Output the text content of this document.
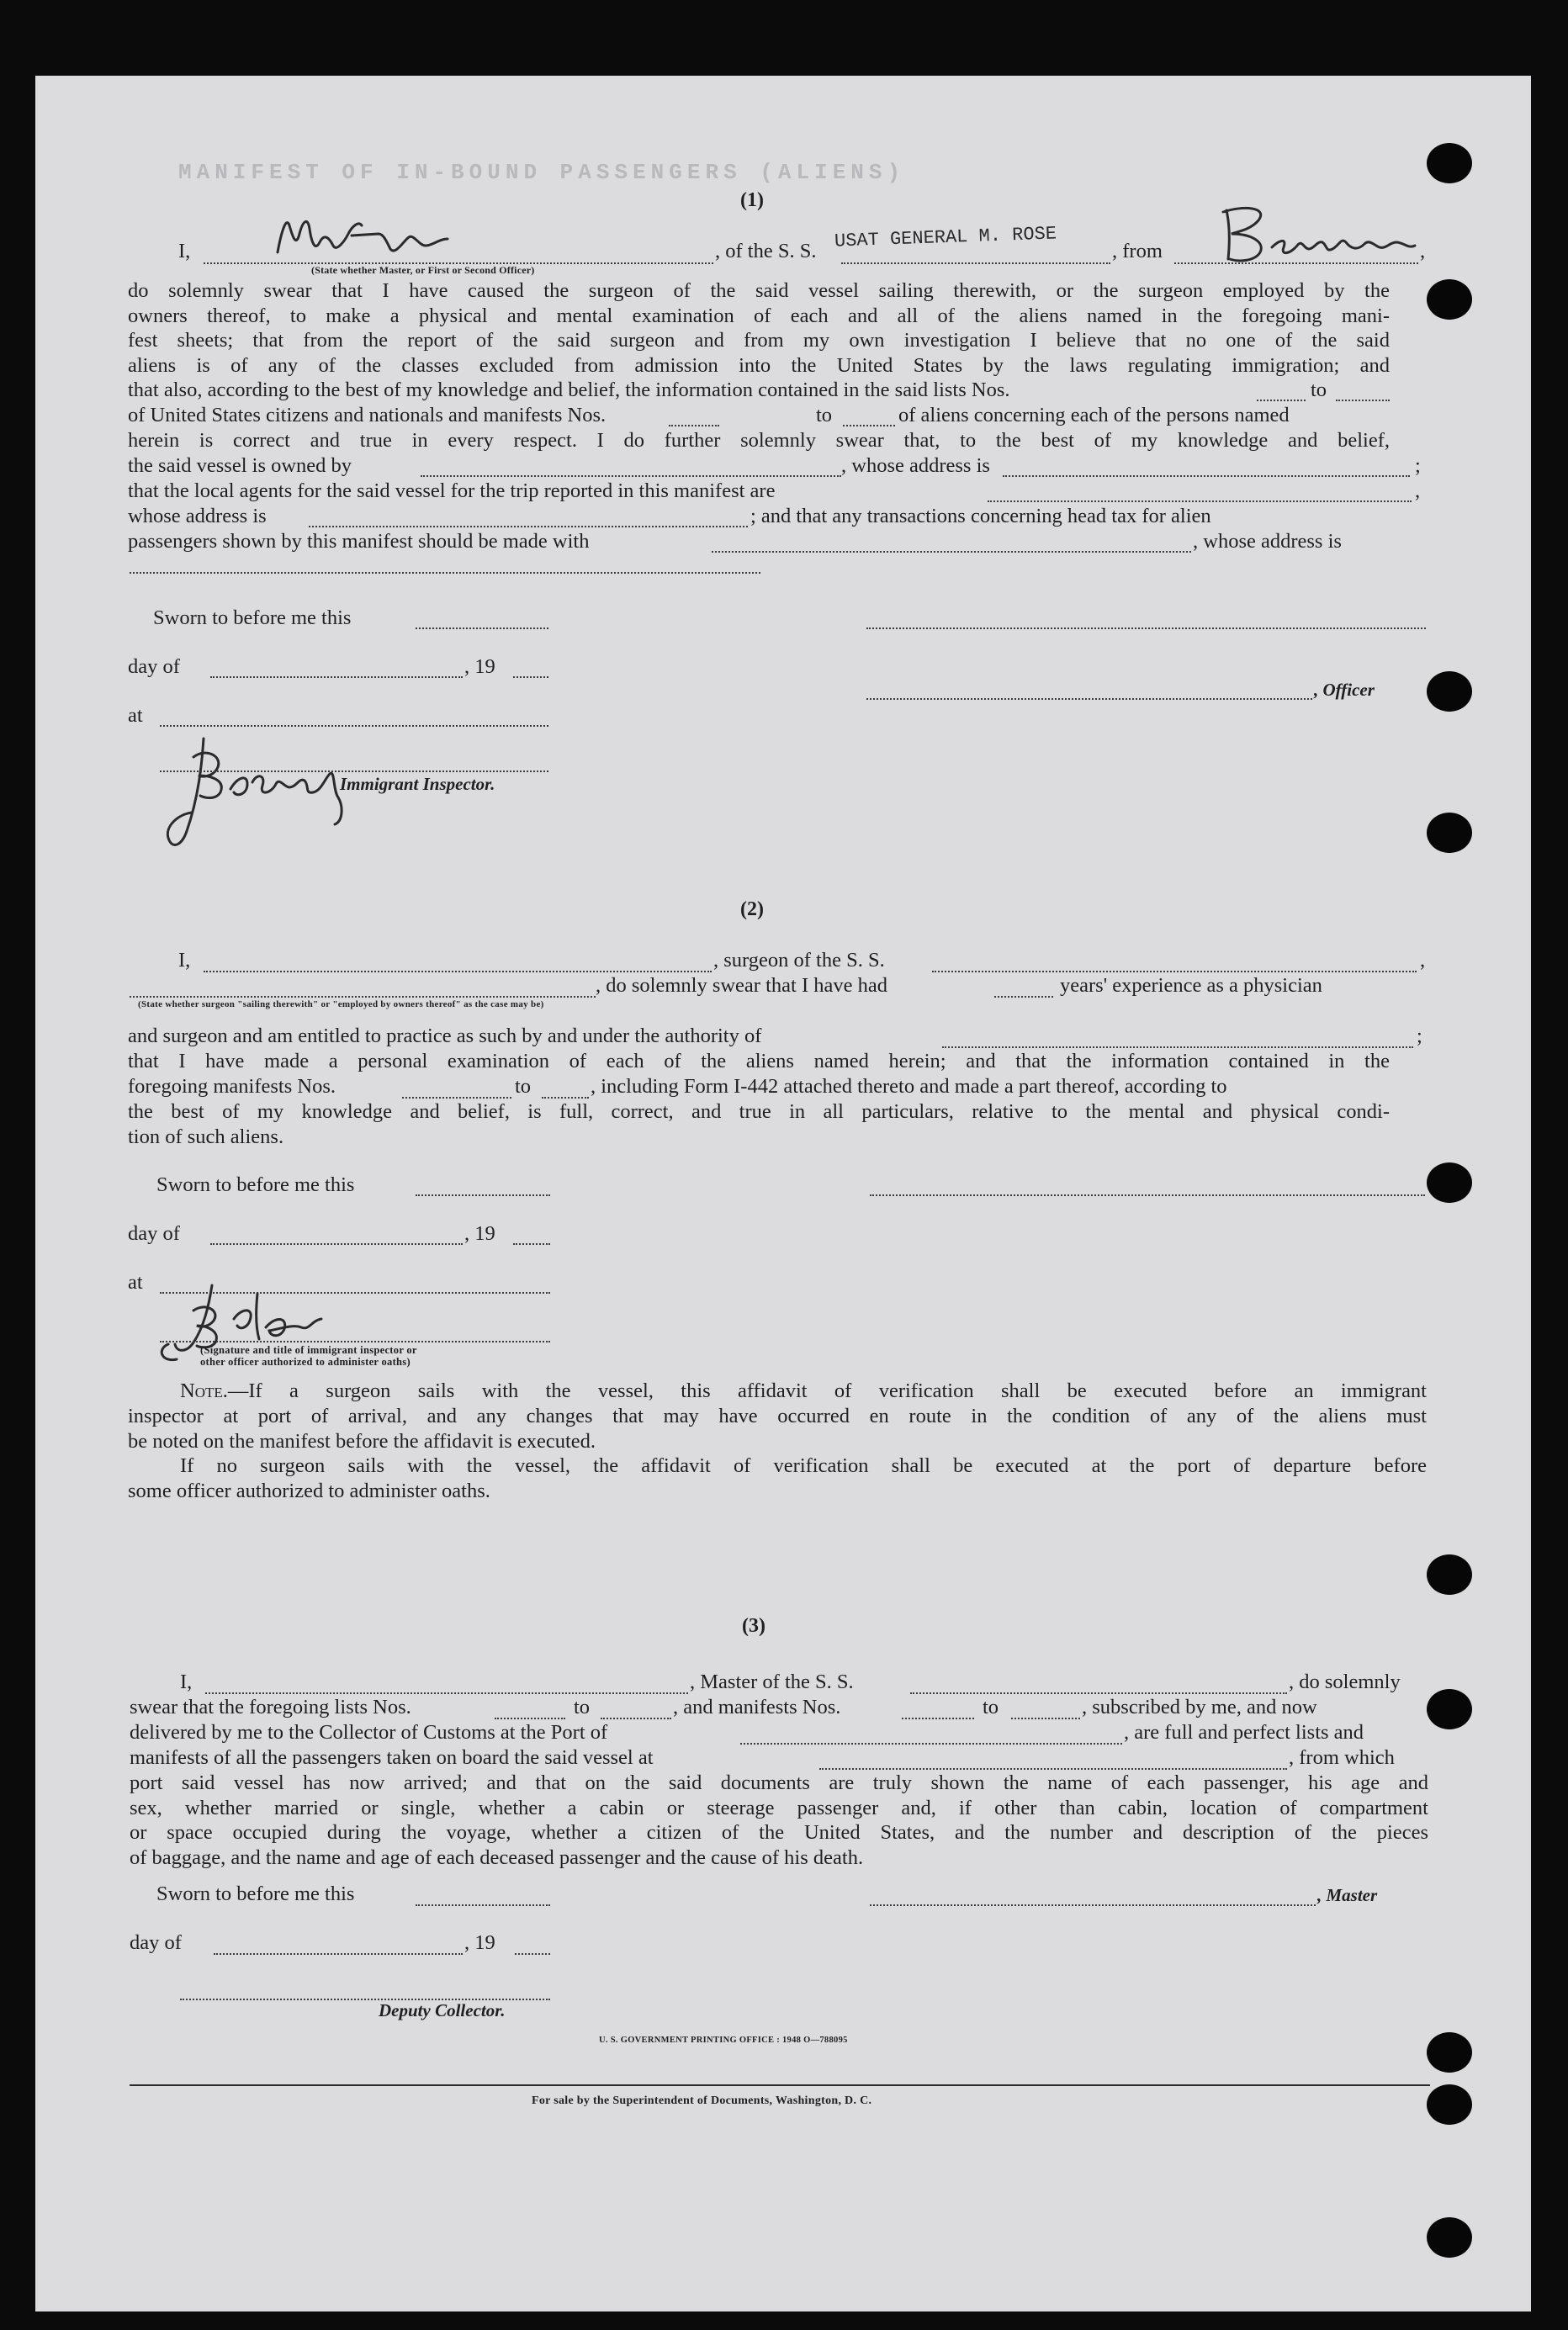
MANIFEST OF IN-BOUND PASSENGERS (ALIENS)
(1)
I,
(State whether Master, or First or Second Officer)
, of the S. S. USAT GENERAL M. ROSE	, from	,
do solemnly swear that I have caused the surgeon of the said vessel sailing therewith, or the surgeon employed by the
owners thereof, to make a physical and mental examination of each and all of the aliens named in the foregoing mani-
fest sheets; that from the report of the said surgeon and from my own investigation I believe that no one of the said
aliens is of any of the classes excluded from admission into the United States by the laws regulating immigration; and
that also, according to the best of my knowledge and belief, the information contained in the said lists Nos.	to
of United States citizens and nationals and manifests Nos.	to	of aliens concerning each of the persons named
herein is correct and true in every respect. I do further solemnly swear that, to the best of my knowledge and belief,
the said vessel is owned by	, whose address is	;
that the local agents for the said vessel for the trip reported in this manifest are	,
whose address is	; and that any transactions concerning head tax for alien
passengers shown by this manifest should be made with	, whose address is
Sworn to before me this
day of	, 19
, Officer
at
Immigrant Inspector.
(2)
I,	, surgeon of the S. S.	,
, do solemnly swear that I have had	years' experience as a physician
(State whether surgeon "sailing therewith" or "employed by owners thereof" as the case may be)
and surgeon and am entitled to practice as such by and under the authority of	;
that I have made a personal examination of each of the aliens named herein; and that the information contained in the
foregoing manifests Nos.	to	, including Form I-442 attached thereto and made a part thereof, according to
the best of my knowledge and belief, is full, correct, and true in all particulars, relative to the mental and physical condi-
tion of such aliens.
Sworn to before me this
day of	, 19
at
(Signature and title of immigrant inspector or
other officer authorized to administer oaths)
Note.—If a surgeon sails with the vessel, this affidavit of verification shall be executed before an immigrant
inspector at port of arrival, and any changes that may have occurred en route in the condition of any of the aliens must
be noted on the manifest before the affidavit is executed.
If no surgeon sails with the vessel, the affidavit of verification shall be executed at the port of departure before
some officer authorized to administer oaths.
(3)
I,	, Master of the S. S.	, do solemnly
swear that the foregoing lists Nos.	to	, and manifests Nos.	to	, subscribed by me, and now
delivered by me to the Collector of Customs at the Port of	, are full and perfect lists and
manifests of all the passengers taken on board the said vessel at	, from which
port said vessel has now arrived; and that on the said documents are truly shown the name of each passenger, his age and
sex, whether married or single, whether a cabin or steerage passenger and, if other than cabin, location of compartment
or space occupied during the voyage, whether a citizen of the United States, and the number and description of the pieces
of baggage, and the name and age of each deceased passenger and the cause of his death.
Sworn to before me this	, Master
day of	, 19
Deputy Collector.
U. S. GOVERNMENT PRINTING OFFICE : 1948 O—788095
For sale by the Superintendent of Documents, Washington, D. C.
